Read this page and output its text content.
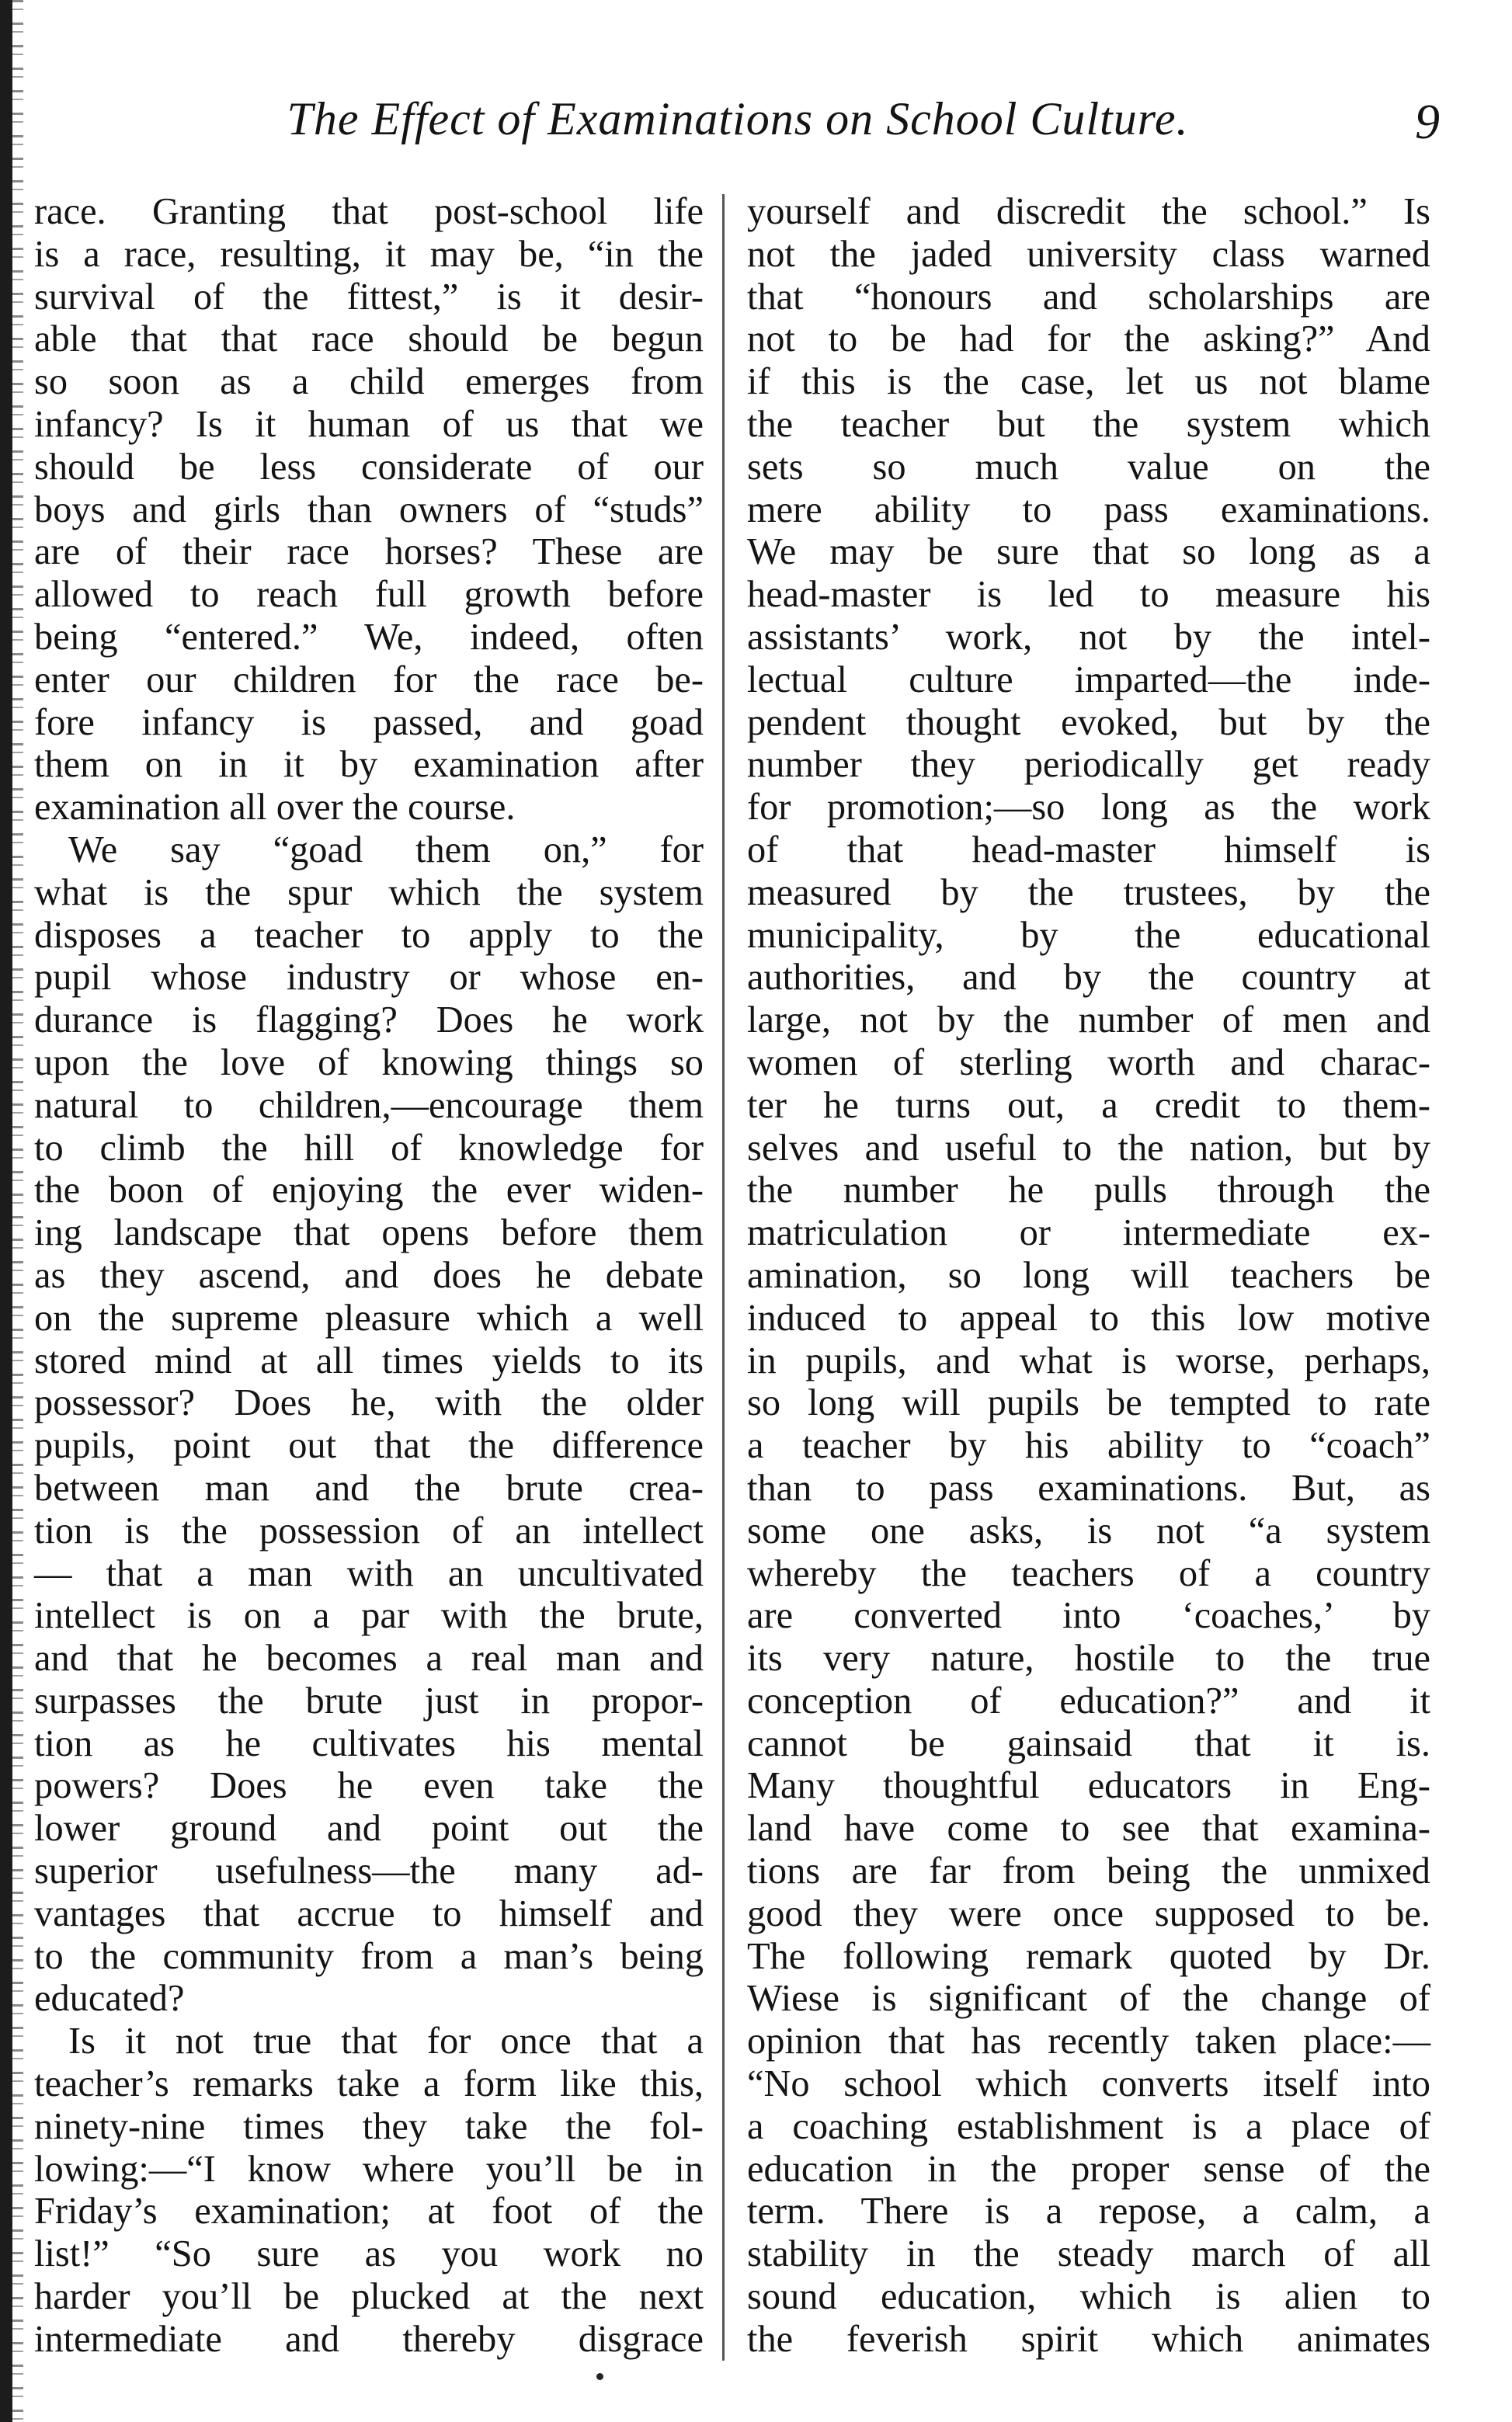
The Effect of Examinations on School Culture.	9
race. Granting that post-school life
is a race, resulting, it may be, “in the
survival of the fittest,” is it desir-
able that that race should be begun
so soon as a child emerges from
infancy? Is it human of us that we
should be less considerate of our
boys and girls than owners of “studs”
are of their race horses? These are
allowed to reach full growth before
being “entered.” We, indeed, often
enter our children for the race be-
fore infancy is passed, and goad
them on in it by examination after
examination all over the course.
We say “goad them on,” for
what is the spur which the system
disposes a teacher to apply to the
pupil whose industry or whose en-
durance is flagging? Does he work
upon the love of knowing things so
natural to children,—encourage them
to climb the hill of knowledge for
the boon of enjoying the ever widen-
ing landscape that opens before them
as they ascend, and does he debate
on the supreme pleasure which a well
stored mind at all times yields to its
possessor? Does he, with the older
pupils, point out that the difference
between man and the brute crea-
tion is the possession of an intellect
— that a man with an uncultivated
intellect is on a par with the brute,
and that he becomes a real man and
surpasses the brute just in propor-
tion as he cultivates his mental
powers? Does he even take the
lower ground and point out the
superior usefulness—the many ad-
vantages that accrue to himself and
to the community from a man’s being
educated?
Is it not true that for once that a
teacher’s remarks take a form like this,
ninety-nine times they take the fol-
lowing:—“I know where you’ll be in
Friday’s examination; at foot of the
list!” “So sure as you work no
harder you’ll be plucked at the next
intermediate and thereby disgrace
yourself and discredit the school.” Is
not the jaded university class warned
that “honours and scholarships are
not to be had for the asking?” And
if this is the case, let us not blame
the teacher but the system which
sets so much value on the
mere ability to pass examinations.
We may be sure that so long as a
head-master is led to measure his
assistants’ work, not by the intel-
lectual culture imparted—the inde-
pendent thought evoked, but by the
number they periodically get ready
for promotion;—so long as the work
of that head-master himself is
measured by the trustees, by the
municipality, by the educational
authorities, and by the country at
large, not by the number of men and
women of sterling worth and charac-
ter he turns out, a credit to them-
selves and useful to the nation, but by
the number he pulls through the
matriculation or intermediate ex-
amination, so long will teachers be
induced to appeal to this low motive
in pupils, and what is worse, perhaps,
so long will pupils be tempted to rate
a teacher by his ability to “coach”
than to pass examinations. But, as
some one asks, is not “a system
whereby the teachers of a country
are converted into ‘coaches,’ by
its very nature, hostile to the true
conception of education?” and it
cannot be gainsaid that it is.
Many thoughtful educators in Eng-
land have come to see that examina-
tions are far from being the unmixed
good they were once supposed to be.
The following remark quoted by Dr.
Wiese is significant of the change of
opinion that has recently taken place:—
“No school which converts itself into
a coaching establishment is a place of
education in the proper sense of the
term. There is a repose, a calm, a
stability in the steady march of all
sound education, which is alien to
the feverish spirit which animates
